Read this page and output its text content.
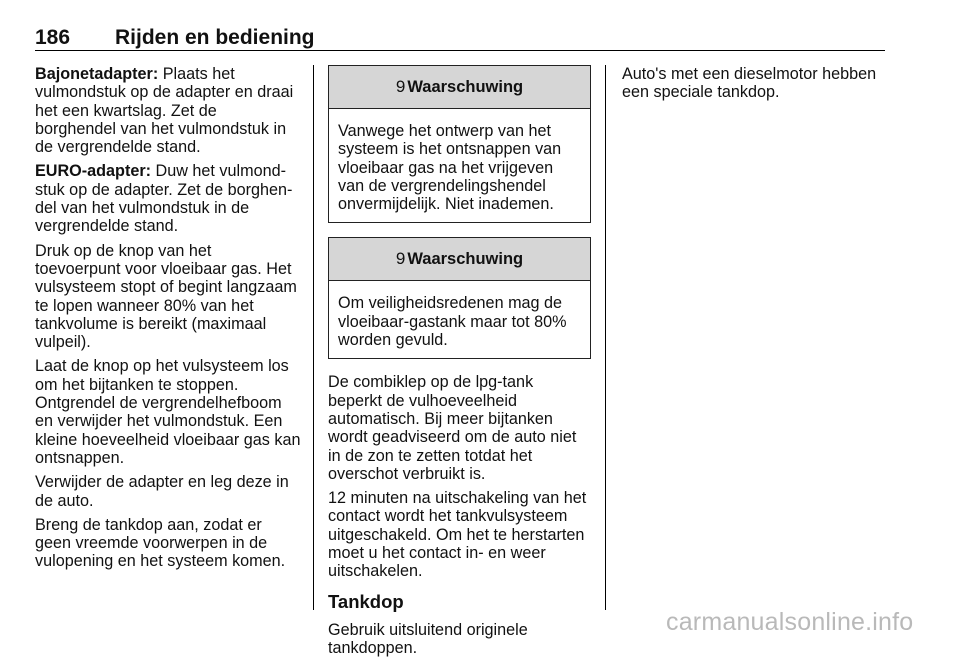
186 Rijden en bediening

Bajonetadapter: Plaats het vulmondstuk op de adapter en draai het een kwartslag. Zet de borghendel van het vulmondstuk in de vergrendelde stand.

EURO-adapter: Duw het vulmondstuk op de adapter. Zet de borghendel van het vulmondstuk in de vergrendelde stand.

Druk op de knop van het toevoerpunt voor vloeibaar gas. Het vulsysteem stopt of begint langzaam te lopen wanneer 80% van het tankvolume is bereikt (maximaal vulpeil).

Laat de knop op het vulsysteem los om het bijtanken te stoppen. Ontgrendel de vergrendelhefboom en verwijder het vulmondstuk. Een kleine hoeveelheid vloeibaar gas kan ontsnappen.

Verwijder de adapter en leg deze in de auto.

Breng de tankdop aan, zodat er geen vreemde voorwerpen in de vulopening en het systeem komen.

9 Waarschuwing

Vanwege het ontwerp van het systeem is het ontsnappen van vloeibaar gas na het vrijgeven van de vergrendelingshendel onvermijdelijk. Niet inademen.

9 Waarschuwing

Om veiligheidsredenen mag de vloeibaar-gastank maar tot 80% worden gevuld.

De combiklep op de lpg-tank beperkt de vulhoeveelheid automatisch. Bij meer bijtanken wordt geadviseerd om de auto niet in de zon te zetten totdat het overschot verbruikt is.

12 minuten na uitschakeling van het contact wordt het tankvulsysteem uitgeschakeld. Om het te herstarten moet u het contact in- en weer uitschakelen.

Tankdop

Gebruik uitsluitend originele tankdoppen.

Auto's met een dieselmotor hebben een speciale tankdop.

carmanualsonline.info
